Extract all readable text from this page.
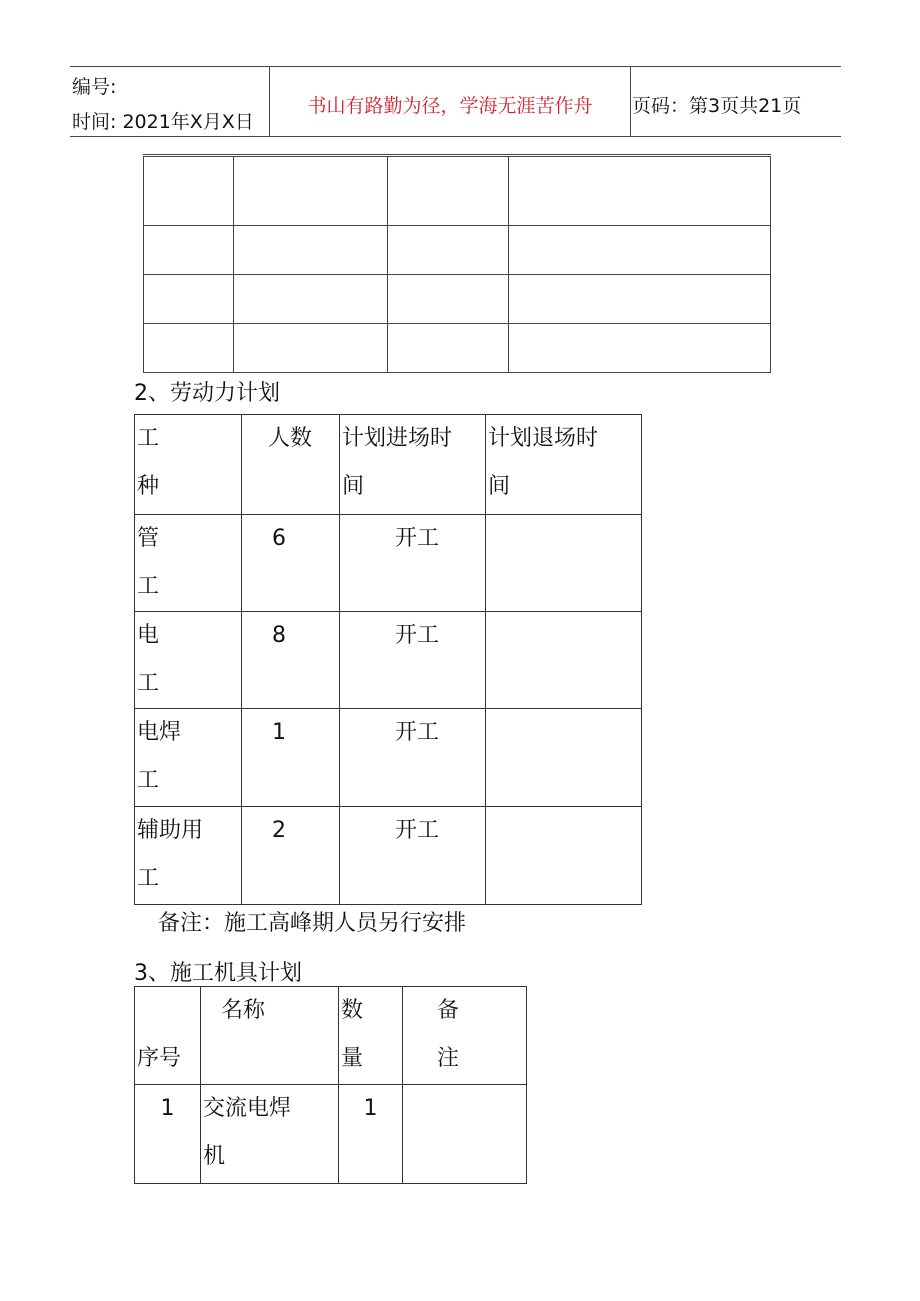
编号:
时间: 2021年X月X日
书山有路勤为径，学海无涯苦作舟	页码：第3页共21页

2、劳动力计划
工种	人数	计划进场时间	计划退场时间
管工	6	开工	
电工	8	开工	
电焊工	1	开工	
辅助用工	2	开工	
备注：施工高峰期人员另行安排
3、施工机具计划
序号	名称	数量	备注
1	交流电焊机	1	
